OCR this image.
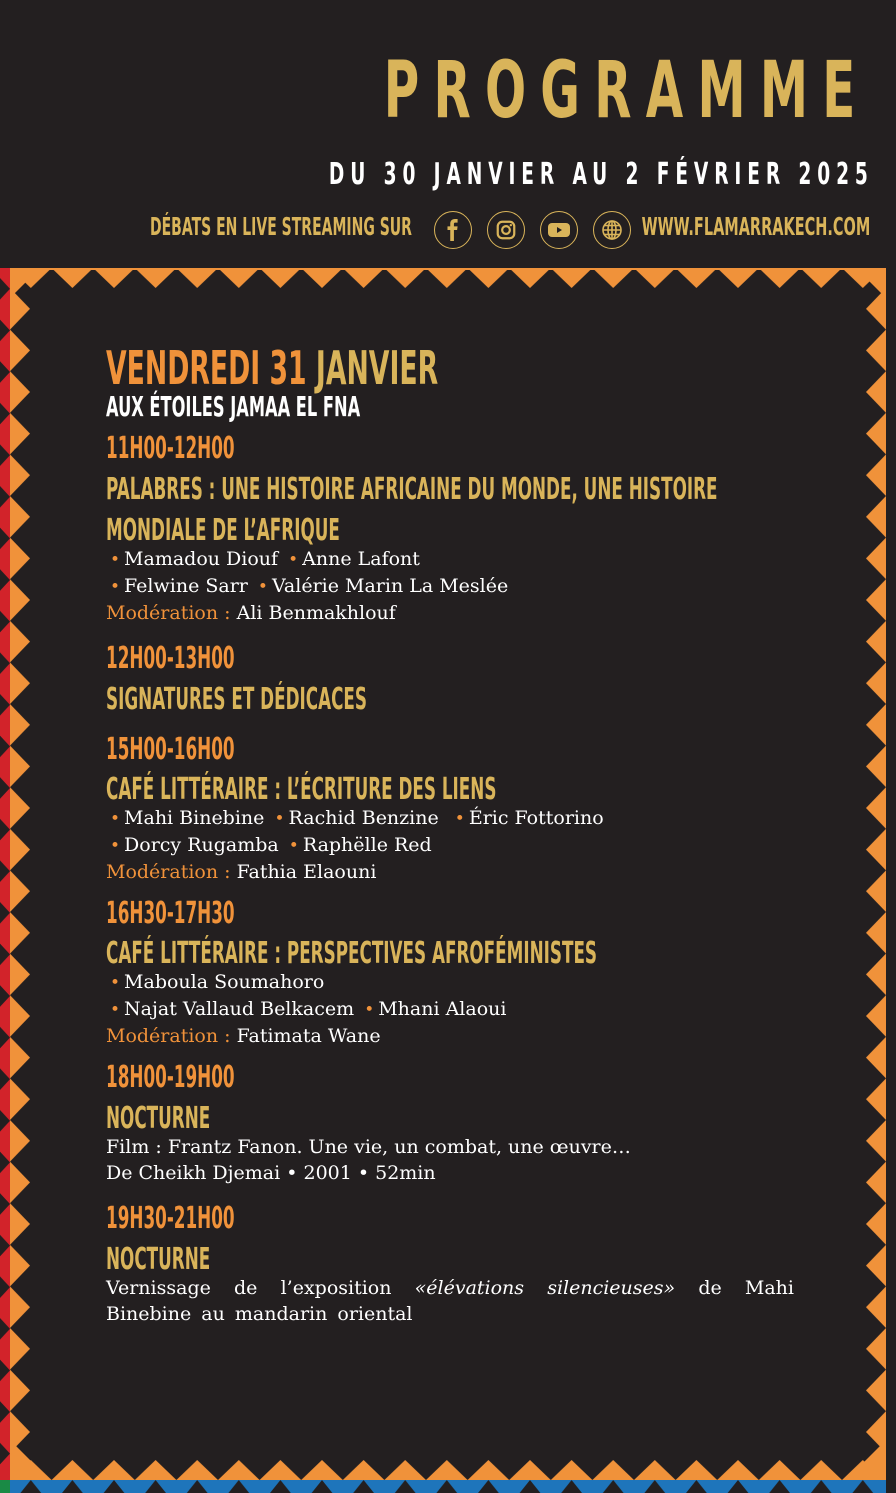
PROGRAMME
DU 30 JANVIER AU 2 FÉVRIER 2025
DÉBATS EN LIVE STREAMING SUR	WWW.FLAMARRAKECH.COM
VENDREDI 31 JANVIER
AUX ÉTOILES JAMAA EL FNA
11H00-12H00
PALABRES : UNE HISTOIRE AFRICAINE DU MONDE, UNE HISTOIRE
MONDIALE DE L’AFRIQUE
• Mamadou Diouf • Anne Lafont
• Felwine Sarr • Valérie Marin La Meslée
Modération : Ali Benmakhlouf
12H00-13H00
SIGNATURES ET DÉDICACES
15H00-16H00
CAFÉ LITTÉRAIRE : L’ÉCRITURE DES LIENS
• Mahi Binebine • Rachid Benzine • Éric Fottorino
• Dorcy Rugamba • Raphëlle Red
Modération : Fathia Elaouni
16H30-17H30
CAFÉ LITTÉRAIRE : PERSPECTIVES AFROFÉMINISTES
• Maboula Soumahoro
• Najat Vallaud Belkacem • Mhani Alaoui
Modération : Fatimata Wane
18H00-19H00
NOCTURNE
Film : Frantz Fanon. Une vie, un combat, une œuvre…
De Cheikh Djemai • 2001 • 52min
19H30-21H00
NOCTURNE
Vernissage de l’exposition «élévations silencieuses» de Mahi Binebine au mandarin oriental
